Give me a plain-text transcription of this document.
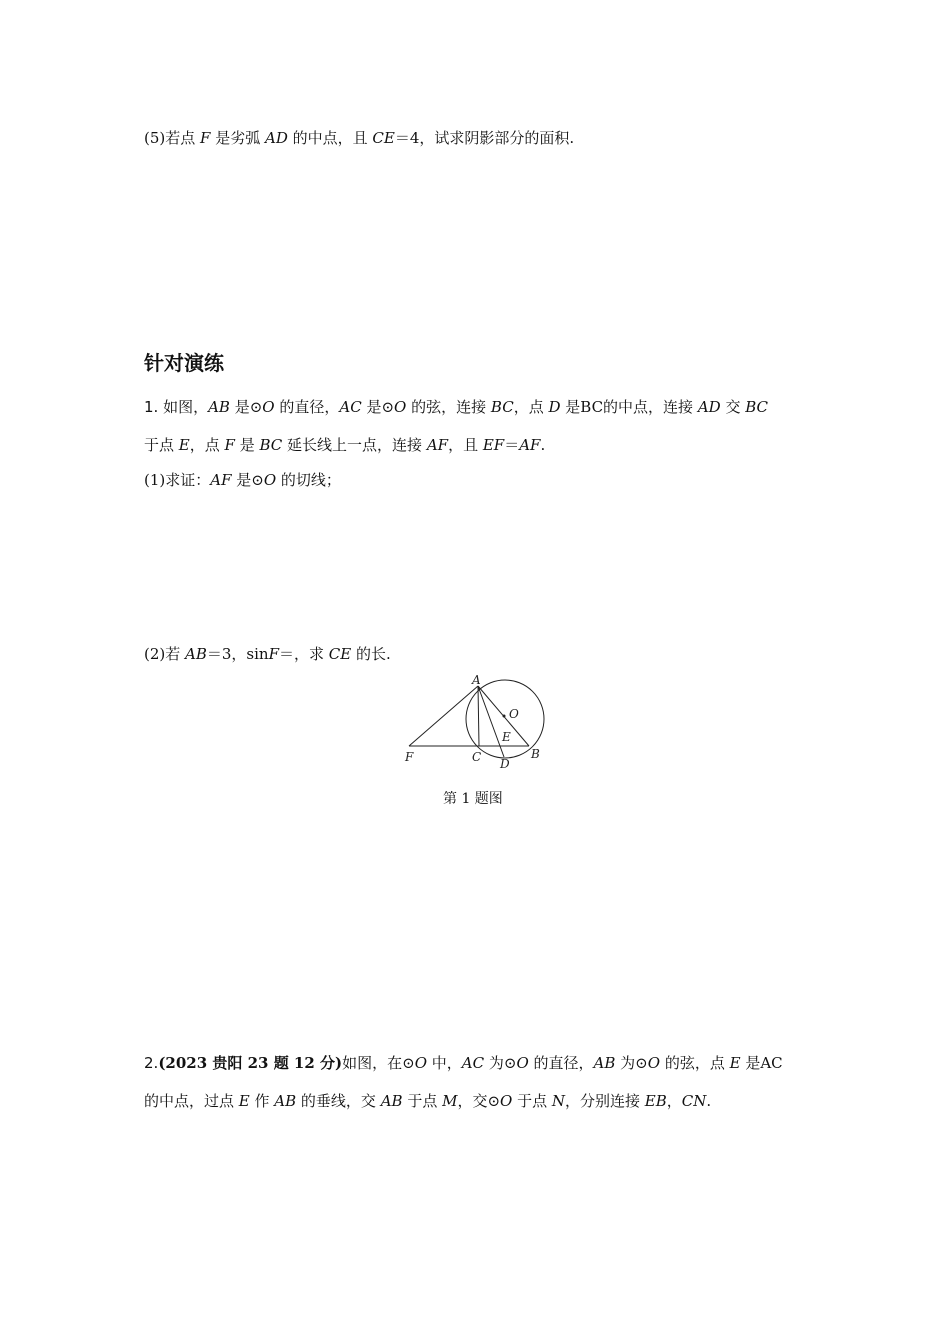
(5)若点 F 是劣弧 AD 的中点，且 CE＝4，试求阴影部分的面积.
针对演练
1. 如图，AB 是⊙O 的直径，AC 是⊙O 的弦，连接 BC，点 D 是BC的中点，连接 AD 交 BC
于点 E，点 F 是 BC 延长线上一点，连接 AF，且 EF＝AF.
(1)求证：AF 是⊙O 的切线；
(2)若 AB＝3，sinF＝，求 CE 的长.
A
O
E
F	C D
B
第 1 题图
2.(2023 贵阳 23 题 12 分)如图，在⊙O 中，AC 为⊙O 的直径，AB 为⊙O 的弦，点 E 是AC
的中点，过点 E 作 AB 的垂线，交 AB 于点 M，交⊙O 于点 N，分别连接 EB，CN.
